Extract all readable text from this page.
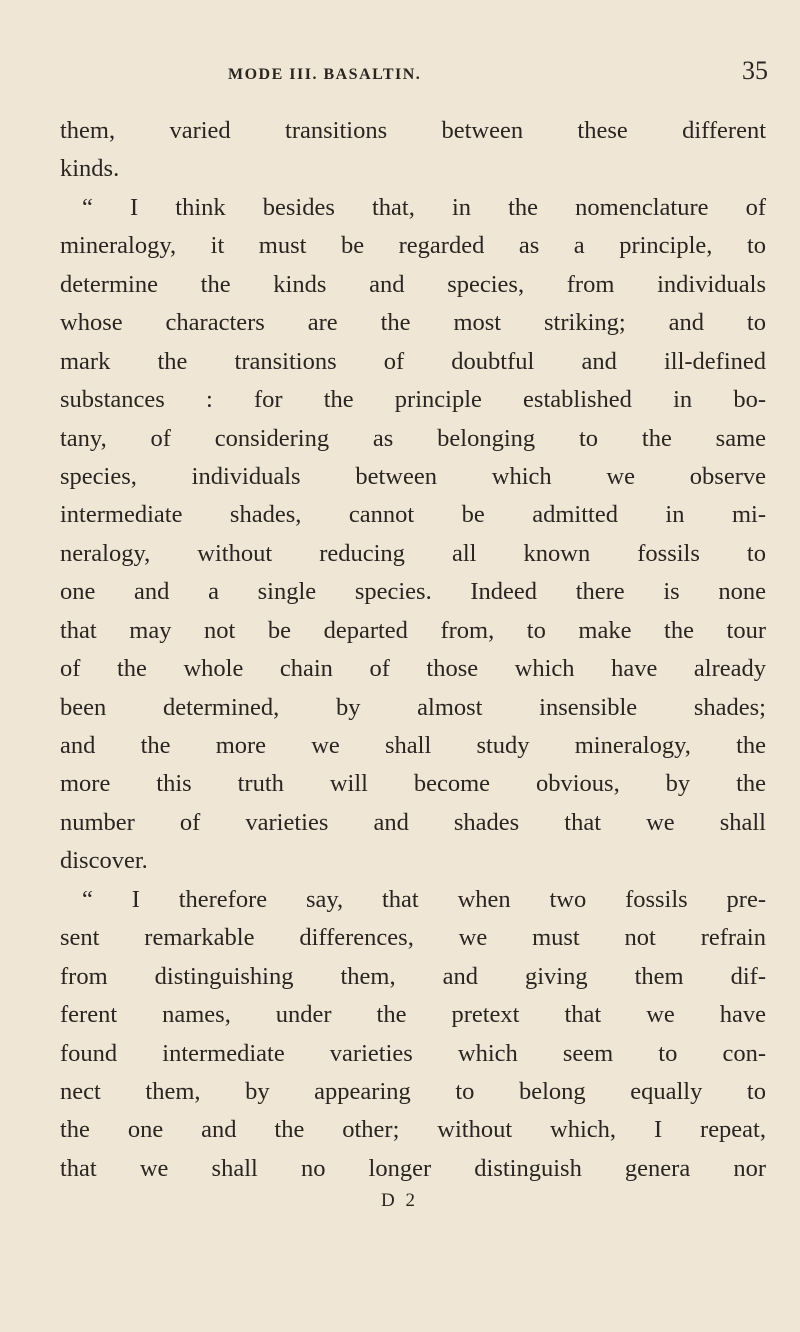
MODE III. BASALTIN.	35
them, varied transitions between these different
kinds.
“ I think besides that, in the nomenclature of
mineralogy, it must be regarded as a principle, to
determine the kinds and species, from individuals
whose characters are the most striking; and to
mark the transitions of doubtful and ill-defined
substances : for the principle established in bo-
tany, of considering as belonging to the same
species, individuals between which we observe
intermediate shades, cannot be admitted in mi-
neralogy, without reducing all known fossils to
one and a single species. Indeed there is none
that may not be departed from, to make the tour
of the whole chain of those which have already
been determined, by almost insensible shades;
and the more we shall study mineralogy, the
more this truth will become obvious, by the
number of varieties and shades that we shall
discover.
“ I therefore say, that when two fossils pre-
sent remarkable differences, we must not refrain
from distinguishing them, and giving them dif-
ferent names, under the pretext that we have
found intermediate varieties which seem to con-
nect them, by appearing to belong equally to
the one and the other; without which, I repeat,
that we shall no longer distinguish genera nor
D 2
